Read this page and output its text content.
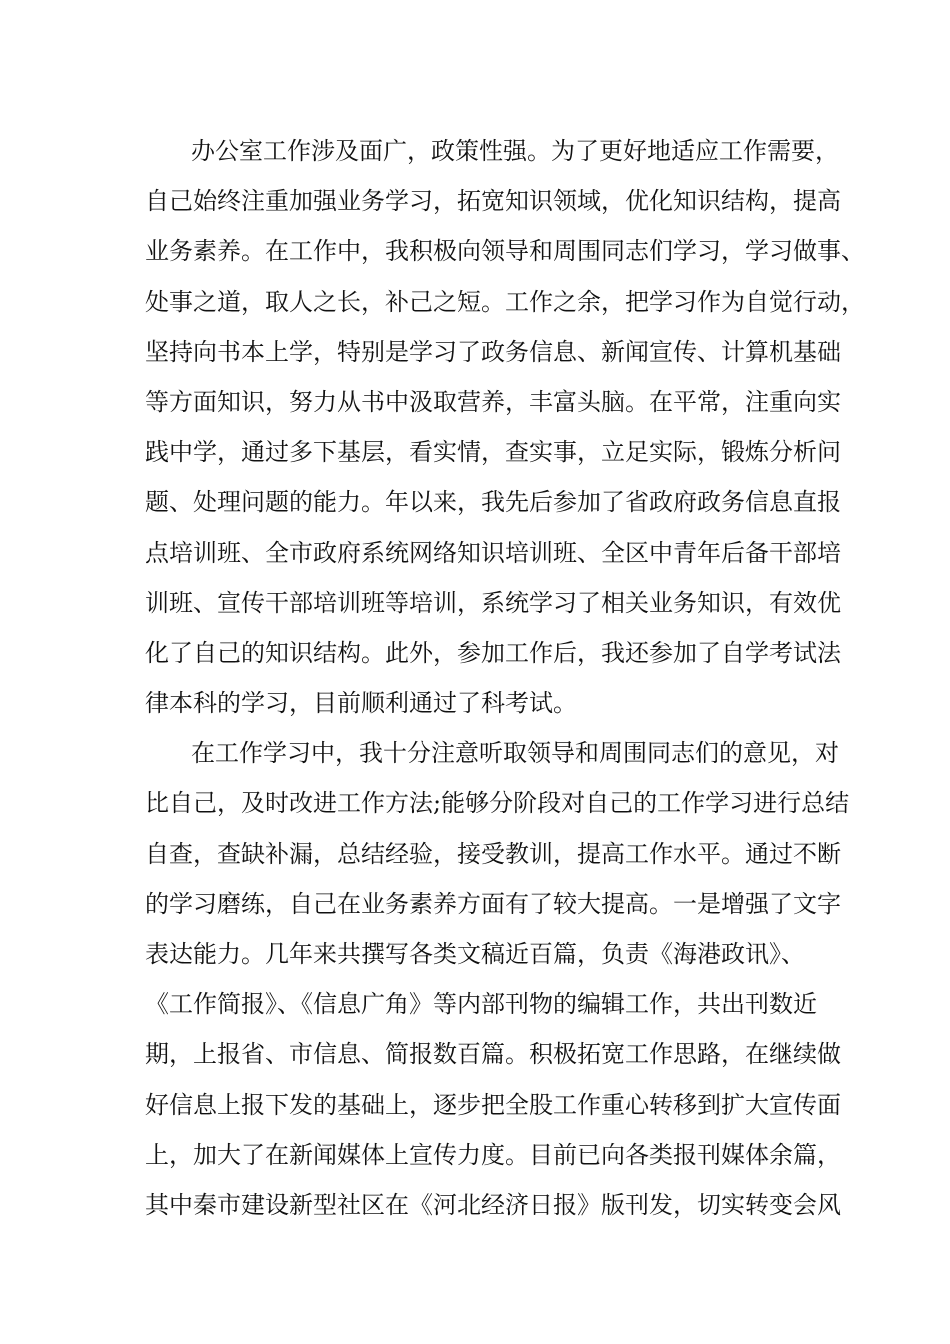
办公室工作涉及面广，政策性强。为了更好地适应工作需要，
自己始终注重加强业务学习，拓宽知识领域，优化知识结构，提高
业务素养。在工作中，我积极向领导和周围同志们学习，学习做事、
处事之道，取人之长，补己之短。工作之余，把学习作为自觉行动，
坚持向书本上学，特别是学习了政务信息、新闻宣传、计算机基础
等方面知识，努力从书中汲取营养，丰富头脑。在平常，注重向实
践中学，通过多下基层，看实情，查实事，立足实际，锻炼分析问
题、处理问题的能力。年以来，我先后参加了省政府政务信息直报
点培训班、全市政府系统网络知识培训班、全区中青年后备干部培
训班、宣传干部培训班等培训，系统学习了相关业务知识，有效优
化了自己的知识结构。此外，参加工作后，我还参加了自学考试法
律本科的学习，目前顺利通过了科考试。
在工作学习中，我十分注意听取领导和周围同志们的意见，对
比自己，及时改进工作方法;能够分阶段对自己的工作学习进行总结
自查，查缺补漏，总结经验，接受教训，提高工作水平。通过不断
的学习磨练，自己在业务素养方面有了较大提高。一是增强了文字
表达能力。几年来共撰写各类文稿近百篇，负责《海港政讯》、
《工作简报》、《信息广角》等内部刊物的编辑工作，共出刊数近
期，上报省、市信息、简报数百篇。积极拓宽工作思路，在继续做
好信息上报下发的基础上，逐步把全股工作重心转移到扩大宣传面
上，加大了在新闻媒体上宣传力度。目前已向各类报刊媒体余篇，
其中秦市建设新型社区在《河北经济日报》版刊发，切实转变会风
